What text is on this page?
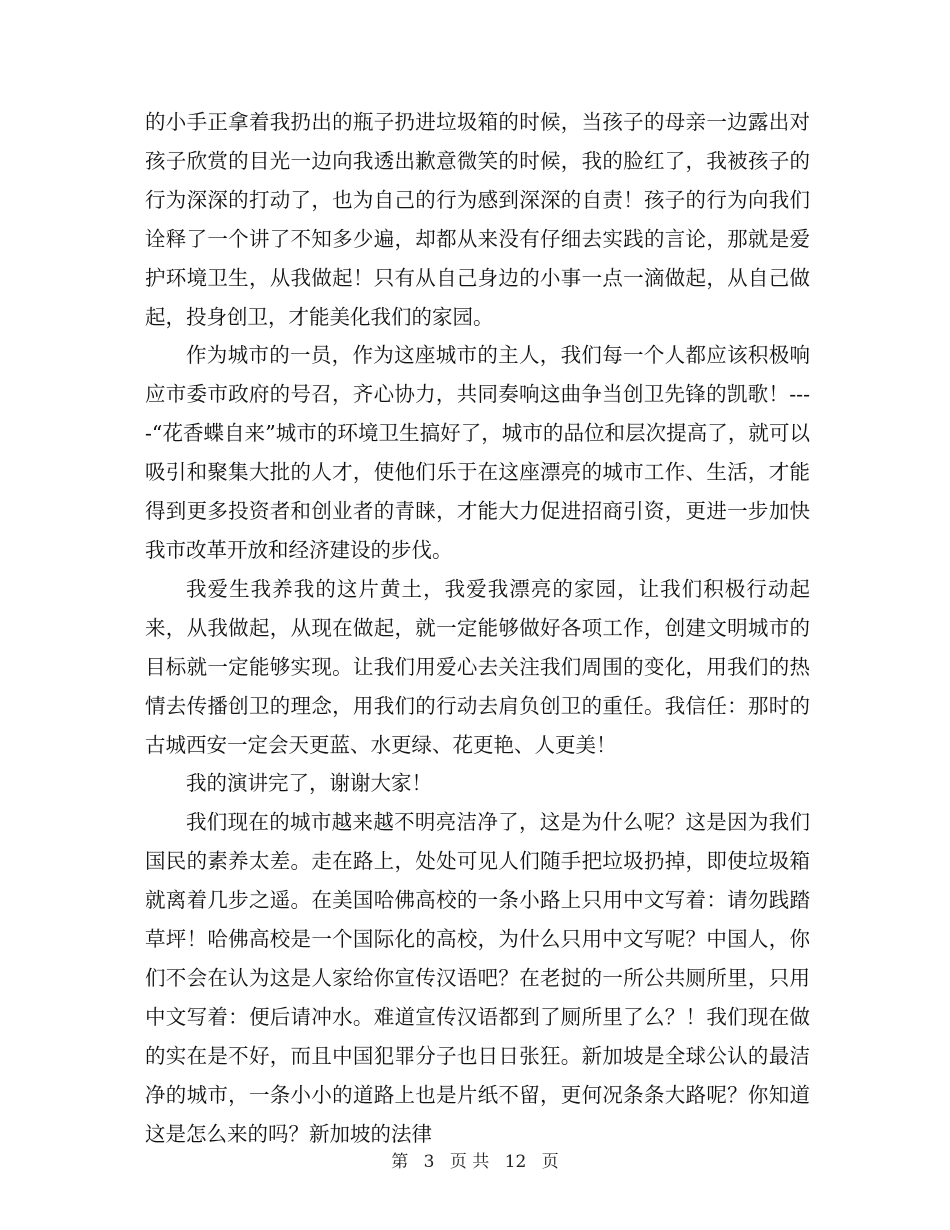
的小手正拿着我扔出的瓶子扔进垃圾箱的时候，当孩子的母亲一边露出对孩子欣赏的目光一边向我透出歉意微笑的时候，我的脸红了，我被孩子的行为深深的打动了，也为自己的行为感到深深的自责！孩子的行为向我们诠释了一个讲了不知多少遍，却都从来没有仔细去实践的言论，那就是爱护环境卫生，从我做起！只有从自己身边的小事一点一滴做起，从自己做起，投身创卫，才能美化我们的家园。

作为城市的一员，作为这座城市的主人，我们每一个人都应该积极响应市委市政府的号召，齐心协力，共同奏响这曲争当创卫先锋的凯歌！----“花香蝶自来”城市的环境卫生搞好了，城市的品位和层次提高了，就可以吸引和聚集大批的人才，使他们乐于在这座漂亮的城市工作、生活，才能得到更多投资者和创业者的青睐，才能大力促进招商引资，更进一步加快我市改革开放和经济建设的步伐。

我爱生我养我的这片黄土，我爱我漂亮的家园，让我们积极行动起来，从我做起，从现在做起，就一定能够做好各项工作，创建文明城市的目标就一定能够实现。让我们用爱心去关注我们周围的变化，用我们的热情去传播创卫的理念，用我们的行动去肩负创卫的重任。我信任：那时的古城西安一定会天更蓝、水更绿、花更艳、人更美！

我的演讲完了，谢谢大家！

我们现在的城市越来越不明亮洁净了，这是为什么呢？这是因为我们国民的素养太差。走在路上，处处可见人们随手把垃圾扔掉，即使垃圾箱就离着几步之遥。在美国哈佛高校的一条小路上只用中文写着：请勿践踏草坪！哈佛高校是一个国际化的高校，为什么只用中文写呢？中国人，你们不会在认为这是人家给你宣传汉语吧？在老挝的一所公共厕所里，只用中文写着：便后请冲水。难道宣传汉语都到了厕所里了么？！我们现在做的实在是不好，而且中国犯罪分子也日日张狂。新加坡是全球公认的最洁净的城市，一条小小的道路上也是片纸不留，更何况条条大路呢？你知道这是怎么来的吗？新加坡的法律

第 3 页 共 12 页
